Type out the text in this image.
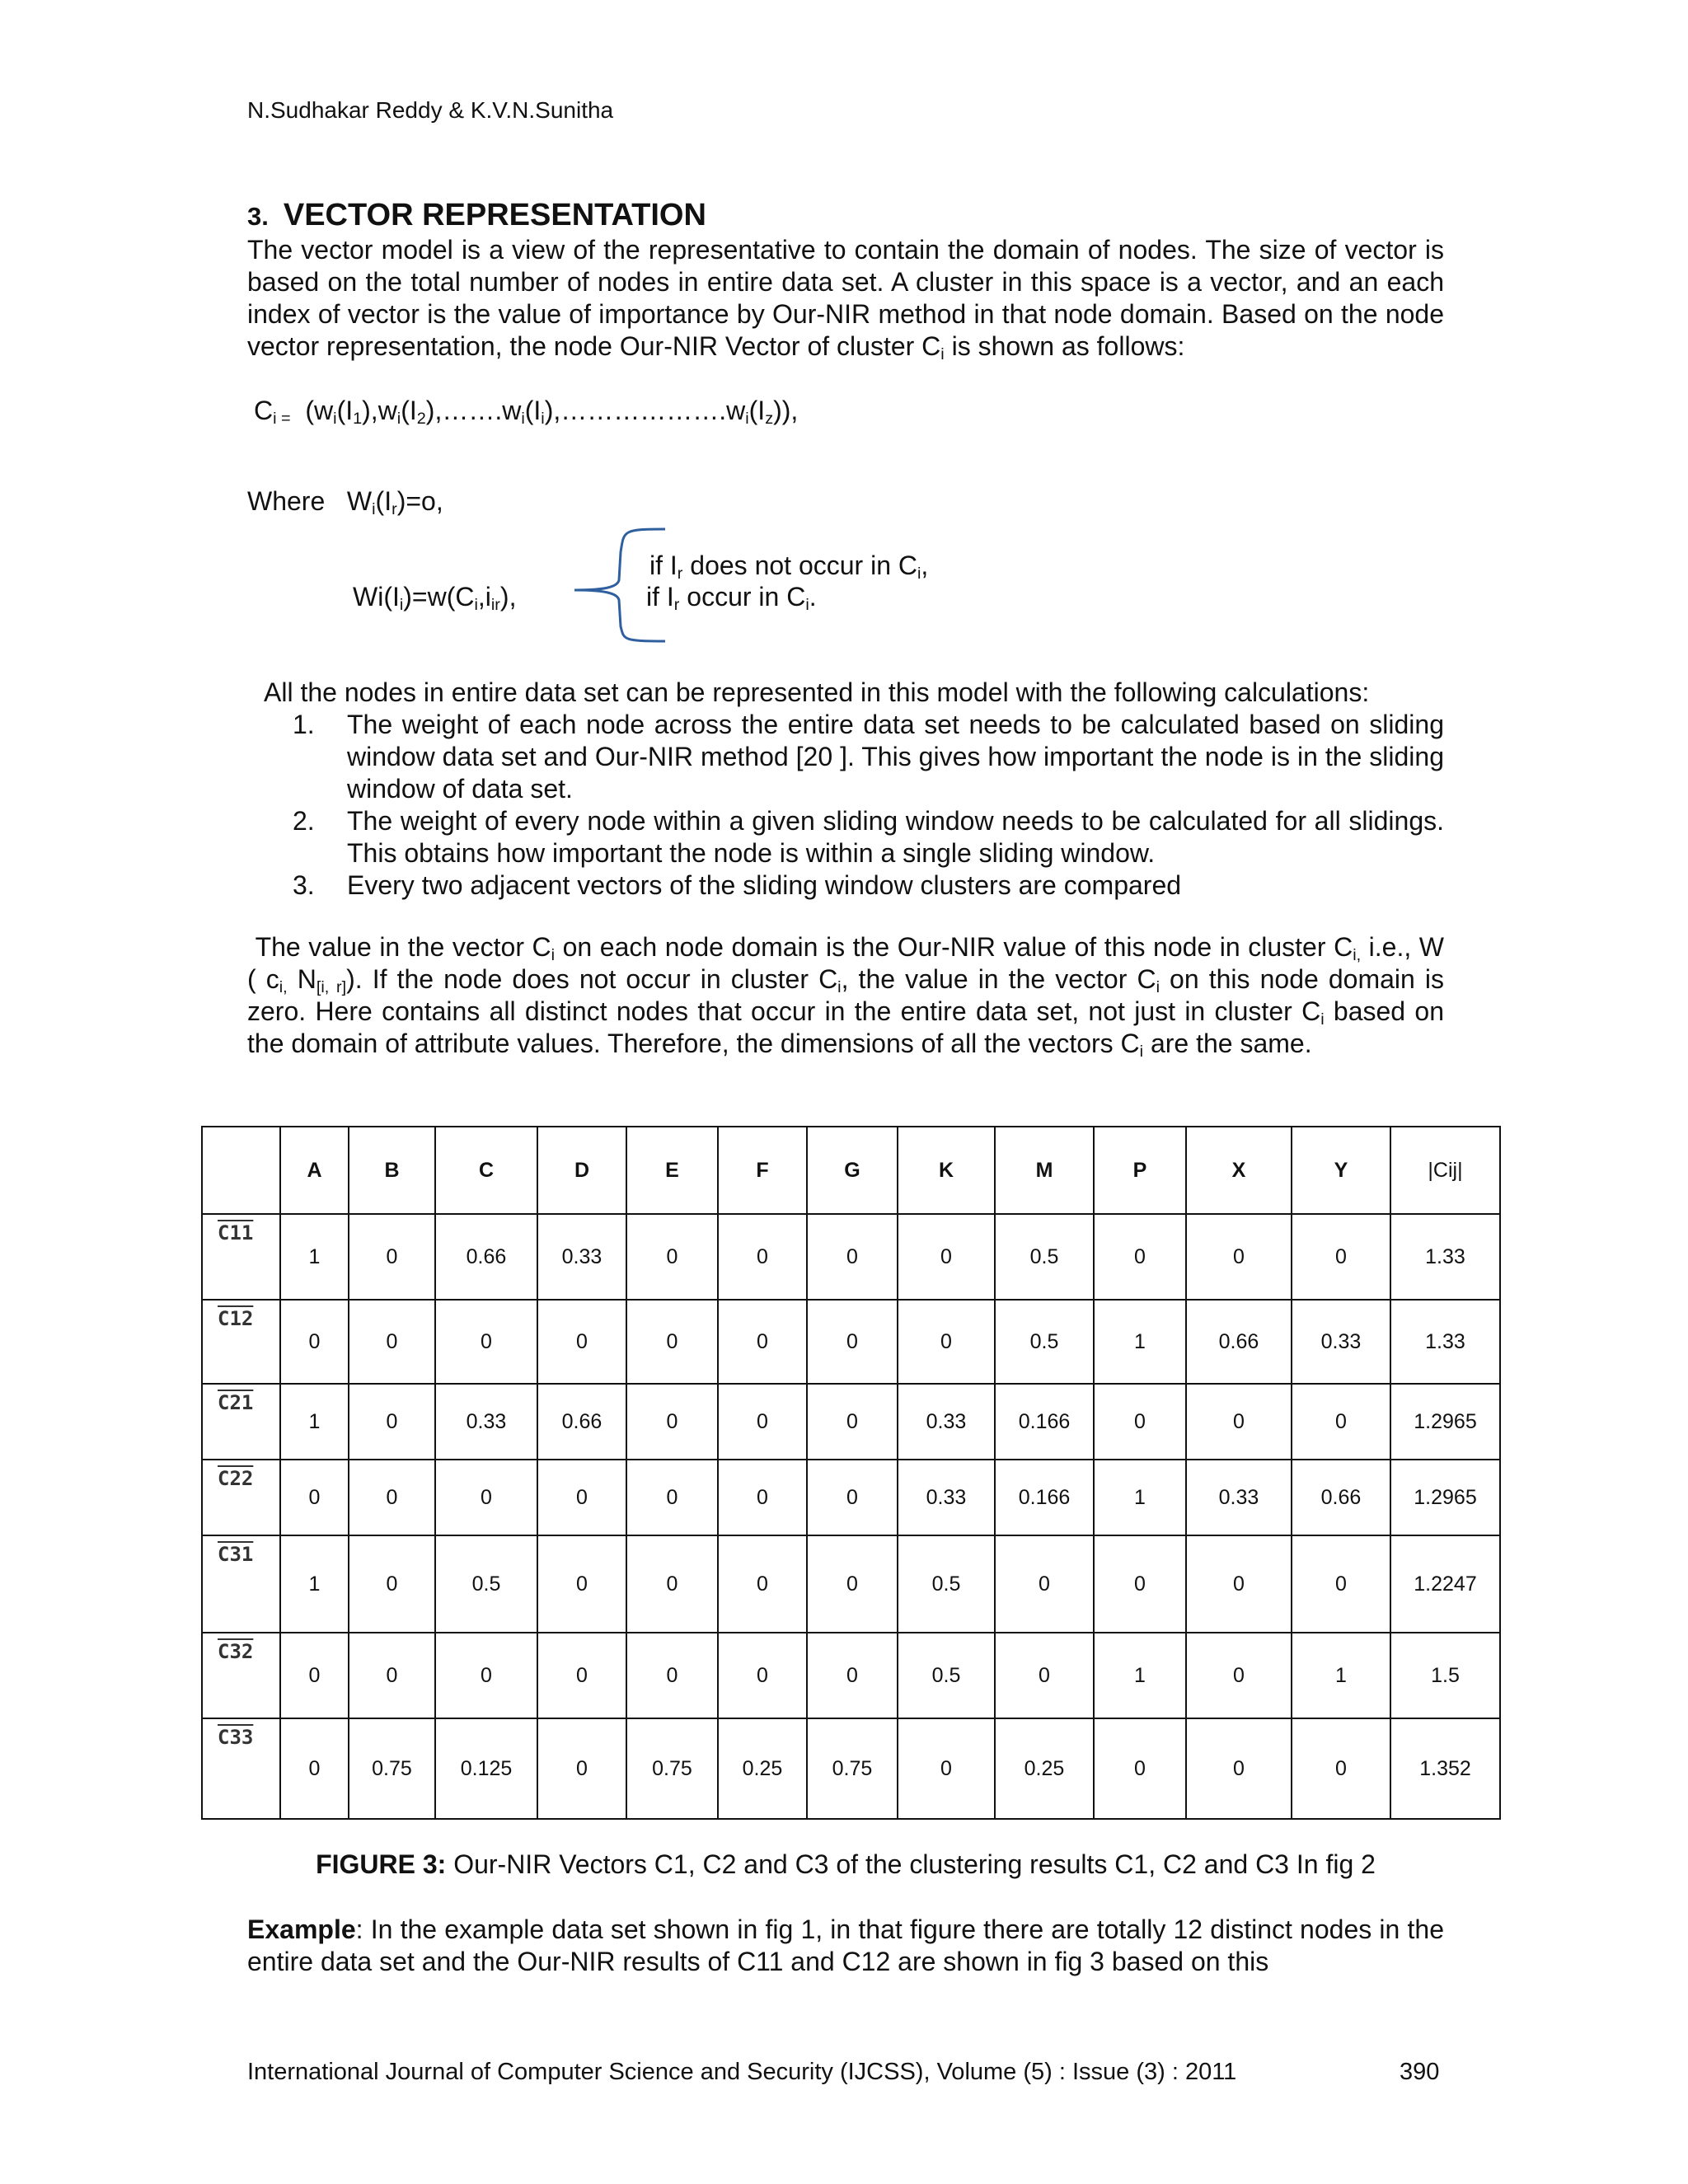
N.Sudhakar Reddy & K.V.N.Sunitha
3. VECTOR REPRESENTATION
The vector model is a view of the representative to contain the domain of nodes. The size of vector is based on the total number of nodes in entire data set. A cluster in this space is a vector, and an each index of vector is the value of importance by Our-NIR method in that node domain. Based on the node vector representation, the node Our-NIR Vector of cluster $C_i$ is shown as follows:
$C_{i =}$  $(w_i(I_1),w_i(I_2),\dots\dots.w_i(I_i),\dots\dots\dots\dots\dots\dots.w_i(I_z))$,
Where   $W_i(I_r)=o$,
$Wi(I_i)=w(C_i,i_{ir})$,
if $I_r$ does not occur in $C_i$,
if $I_r$ occur in $C_i$.
All the nodes in entire data set can be represented in this model with the following calculations:
1.	The weight of each node across the entire data set needs to be calculated based on sliding window data set and Our-NIR method [20 ]. This gives how important the node is in the sliding window of data set.
2.	The weight of every node within a given sliding window needs to be calculated for all slidings. This obtains how important the node is within a single sliding window.
3.	Every two adjacent vectors of the sliding window clusters are compared
The value in the vector $C_i$ on each node domain is the Our-NIR value of this node in cluster $C_{i,}$ i.e., W ( $c_{i,}$ $N_{[i, r]}$). If the node does not occur in cluster $C_i$, the value in the vector $C_i$ on this node domain is zero. Here contains all distinct nodes that occur in the entire data set, not just in cluster $C_i$ based on the domain of attribute values. Therefore, the dimensions of all the vectors $C_i$ are the same.
	A	B	C	D	E	F	G	K	M	P	X	Y	|Cij|
C11	1	0	0.66	0.33	0	0	0	0	0.5	0	0	0	1.33
C12	0	0	0	0	0	0	0	0	0.5	1	0.66	0.33	1.33
C21	1	0	0.33	0.66	0	0	0	0.33	0.166	0	0	0	1.2965
C22	0	0	0	0	0	0	0	0.33	0.166	1	0.33	0.66	1.2965
C31	1	0	0.5	0	0	0	0	0.5	0	0	0	0	1.2247
C32	0	0	0	0	0	0	0	0.5	0	1	0	1	1.5
C33	0	0.75	0.125	0	0.75	0.25	0.75	0	0.25	0	0	0	1.352
FIGURE 3: Our-NIR Vectors C1, C2 and C3 of the clustering results C1, C2 and C3 In fig 2
Example: In the example data set shown in fig 1, in that figure there are totally 12 distinct nodes in the entire data set and the Our-NIR results of C11 and C12 are shown in fig 3 based on this
International Journal of Computer Science and Security (IJCSS), Volume (5) : Issue (3) : 2011	390
